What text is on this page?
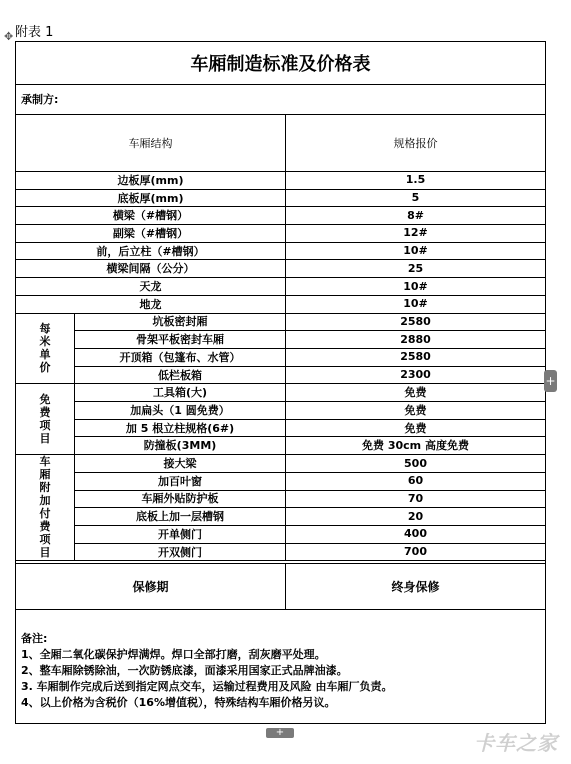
附表 1
✥
车厢制造标准及价格表
承制方:
车厢结构	规格报价
边板厚(mm)	1.5
底板厚(mm)	5
横梁（#槽钢）	8#
副梁（#槽钢）	12#
前，后立柱（#槽钢）	10#
横梁间隔（公分）	25
天龙	10#
地龙	10#
每米单价
坑板密封厢	2580
骨架平板密封车厢	2880
开顶箱（包篷布、水管）	2580
低栏板箱	2300
免费项目
工具箱(大)	免费
加扁头（1 圆免费）	免费
加 5 根立柱规格(6#)	免费
防撞板(3MM)	免费 30cm 高度免费
车厢附加付费项目
接大梁	500
加百叶窗	60
车厢外贴防护板	70
底板上加一层槽钢	20
开单侧门	400
开双侧门	700
保修期	终身保修
备注:
1、全厢二氧化碳保护焊满焊。焊口全部打磨，刮灰磨平处理。
2、整车厢除锈除油，一次防锈底漆，面漆采用国家正式品牌油漆。
3. 车厢制作完成后送到指定网点交车，运输过程费用及风险 由车厢厂负责。
4、以上价格为含税价（16%增值税），特殊结构车厢价格另议。
+
+	卡车之家
